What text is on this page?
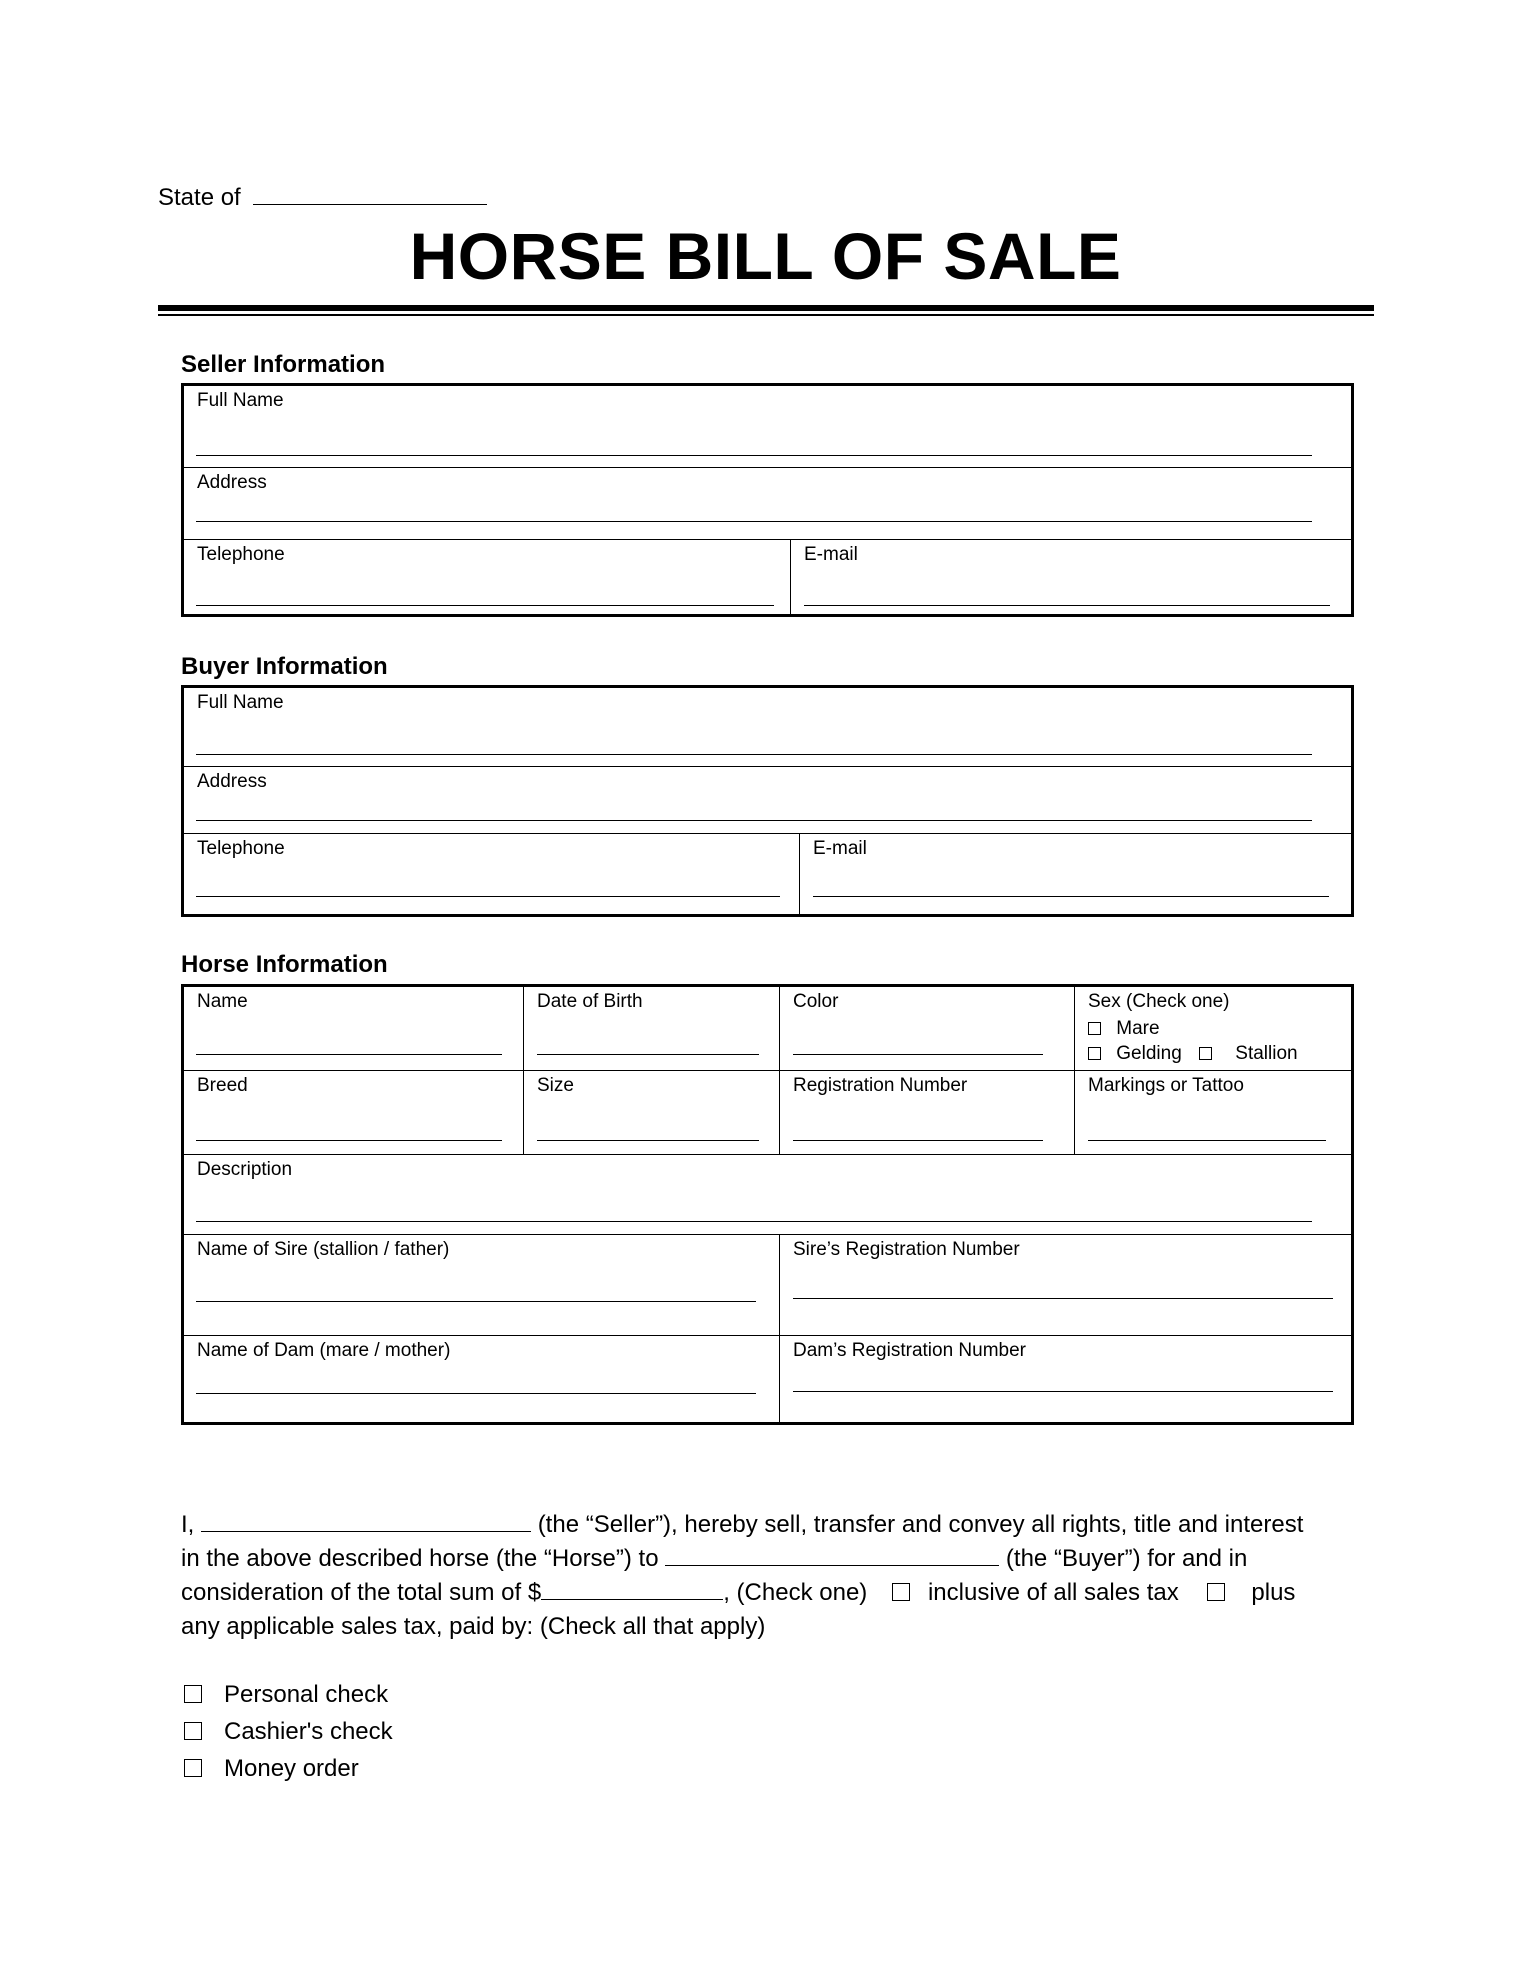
State of
HORSE BILL OF SALE
Seller Information
Full Name
Address
Telephone	E-mail
Buyer Information
Full Name
Address
Telephone	E-mail
Horse Information
Name	Date of Birth	Color	Sex (Check one)
Mare
Gelding	Stallion
Breed	Size	Registration Number	Markings or Tattoo
Description
Name of Sire (stallion / father)	Sire’s Registration Number
Name of Dam (mare / mother)	Dam’s Registration Number
I,	(the “Seller”), hereby sell, transfer and convey all rights, title and interest
in the above described horse (the “Horse”) to	(the “Buyer”) for and in
consideration of the total sum of $	, (Check one)	inclusive of all sales tax	plus
any applicable sales tax, paid by: (Check all that apply)
Personal check
Cashier's check
Money order
